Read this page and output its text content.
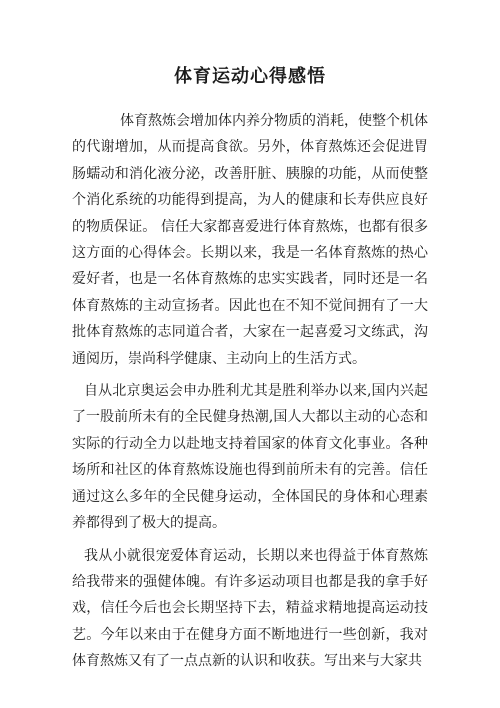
体育运动心得感悟

体育熬炼会增加体内养分物质的消耗，使整个机体的代谢增加，从而提高食欲。另外，体育熬炼还会促进胃肠蠕动和消化液分泌，改善肝脏、胰腺的功能，从而使整个消化系统的功能得到提高，为人的健康和长寿供应良好的物质保证。 信任大家都喜爱进行体育熬炼，也都有很多这方面的心得体会。长期以来，我是一名体育熬炼的热心爱好者，也是一名体育熬炼的忠实实践者，同时还是一名体育熬炼的主动宣扬者。因此也在不知不觉间拥有了一大批体育熬炼的志同道合者，大家在一起喜爱习文练武，沟通阅历，崇尚科学健康、主动向上的生活方式。

自从北京奥运会申办胜利尤其是胜利举办以来,国内兴起了一股前所未有的全民健身热潮,国人大都以主动的心态和实际的行动全力以赴地支持着国家的体育文化事业。各种场所和社区的体育熬炼设施也得到前所未有的完善。信任通过这么多年的全民健身运动，全体国民的身体和心理素养都得到了极大的提高。

我从小就很宠爱体育运动，长期以来也得益于体育熬炼给我带来的强健体魄。有许多运动项目也都是我的拿手好戏，信任今后也会长期坚持下去，精益求精地提高运动技艺。今年以来由于在健身方面不断地进行一些创新，我对体育熬炼又有了一点点新的认识和收获。写出来与大家共
